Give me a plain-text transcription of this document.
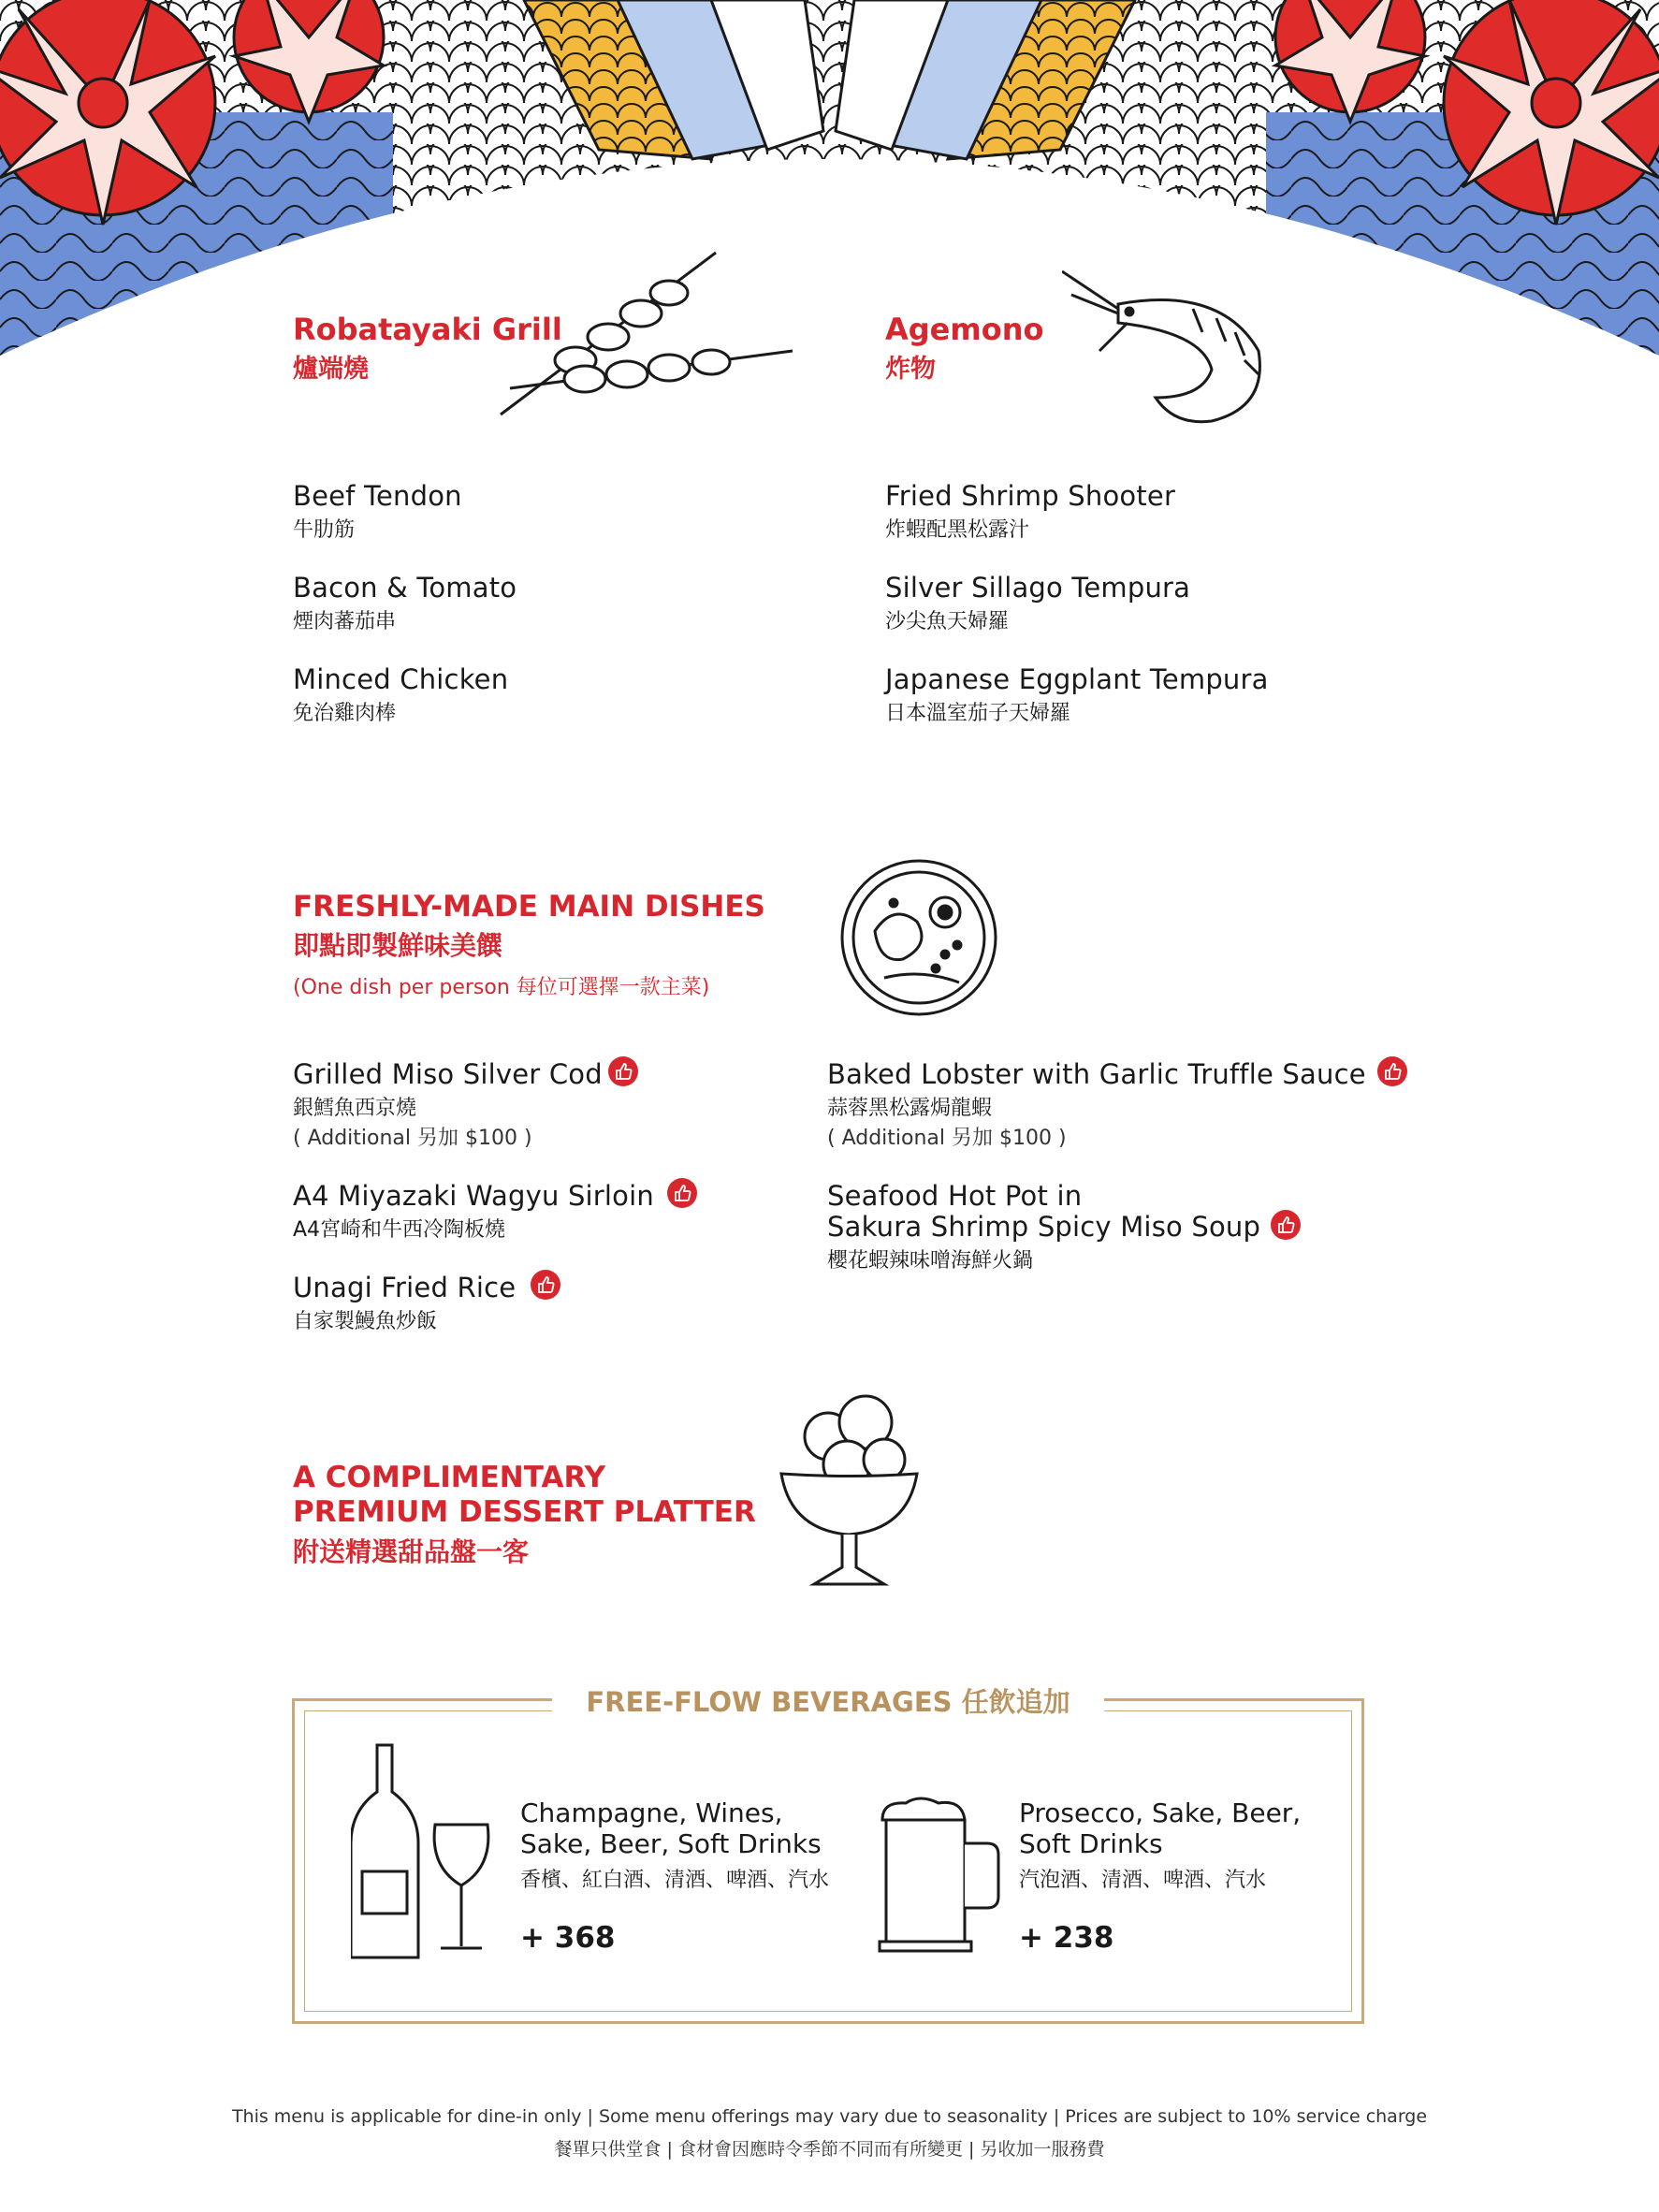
Robatayaki Grill
爐端燒
Beef Tendon
牛肋筋
Bacon & Tomato
煙肉蕃茄串
Minced Chicken
免治雞肉棒
Agemono
炸物
Fried Shrimp Shooter
炸蝦配黑松露汁
Silver Sillago Tempura
沙尖魚天婦羅
Japanese Eggplant Tempura
日本溫室茄子天婦羅
FRESHLY-MADE MAIN DISHES
即點即製鮮味美饌
(One dish per person 每位可選擇一款主菜)
Grilled Miso Silver Cod
銀鱈魚西京燒
( Additional 另加 $100 )
A4 Miyazaki Wagyu Sirloin
A4宮崎和牛西冷陶板燒
Unagi Fried Rice
自家製鰻魚炒飯
Baked Lobster with Garlic Truffle Sauce
蒜蓉黑松露焗龍蝦
( Additional 另加 $100 )
Seafood Hot Pot in
Sakura Shrimp Spicy Miso Soup
櫻花蝦辣味噌海鮮火鍋
A COMPLIMENTARY
PREMIUM DESSERT PLATTER
附送精選甜品盤一客
FREE-FLOW BEVERAGES 任飲追加
Champagne, Wines,
Sake, Beer, Soft Drinks
香檳、紅白酒、清酒、啤酒、汽水
+ 368
Prosecco, Sake, Beer,
Soft Drinks
汽泡酒、清酒、啤酒、汽水
+ 238
This menu is applicable for dine-in only | Some menu offerings may vary due to seasonality | Prices are subject to 10% service charge
餐單只供堂食 | 食材會因應時令季節不同而有所變更 | 另收加一服務費
